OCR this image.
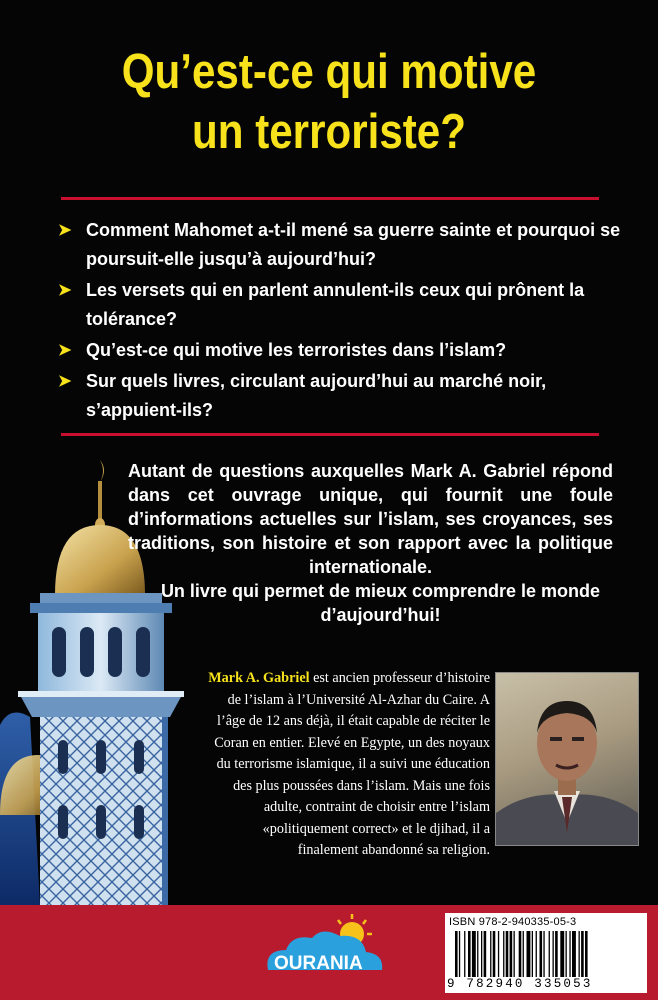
Qu’est-ce qui motive
un terroriste?
➤ Comment Mahomet a-t-il mené sa guerre sainte et pourquoi se poursuit-elle jusqu’à aujourd’hui?
➤ Les versets qui en parlent annulent-ils ceux qui prônent la tolérance?
➤ Qu’est-ce qui motive les terroristes dans l’islam?
➤ Sur quels livres, circulant aujourd’hui au marché noir, s’appuient-ils?

Autant de questions auxquelles Mark A. Gabriel répond dans cet ouvrage unique, qui fournit une foule d’informations actuelles sur l’islam, ses croyances, ses traditions, son histoire et son rapport avec la politique internationale.

Un livre qui permet de mieux comprendre le monde d’aujourd’hui!

Mark A. Gabriel est ancien professeur d’histoire de l’islam à l’Université Al-Azhar du Caire. A l’âge de 12 ans déjà, il était capable de réciter le Coran en entier. Elevé en Egypte, un des noyaux du terrorisme islamique, il a suivi une éducation des plus poussées dans l’islam. Mais une fois adulte, contraint de choisir entre l’islam «politiquement correct» et le djihad, il a finalement abandonné sa religion.
OURANIA
ISBN 978-2-940335-05-3
9 782940 335053
